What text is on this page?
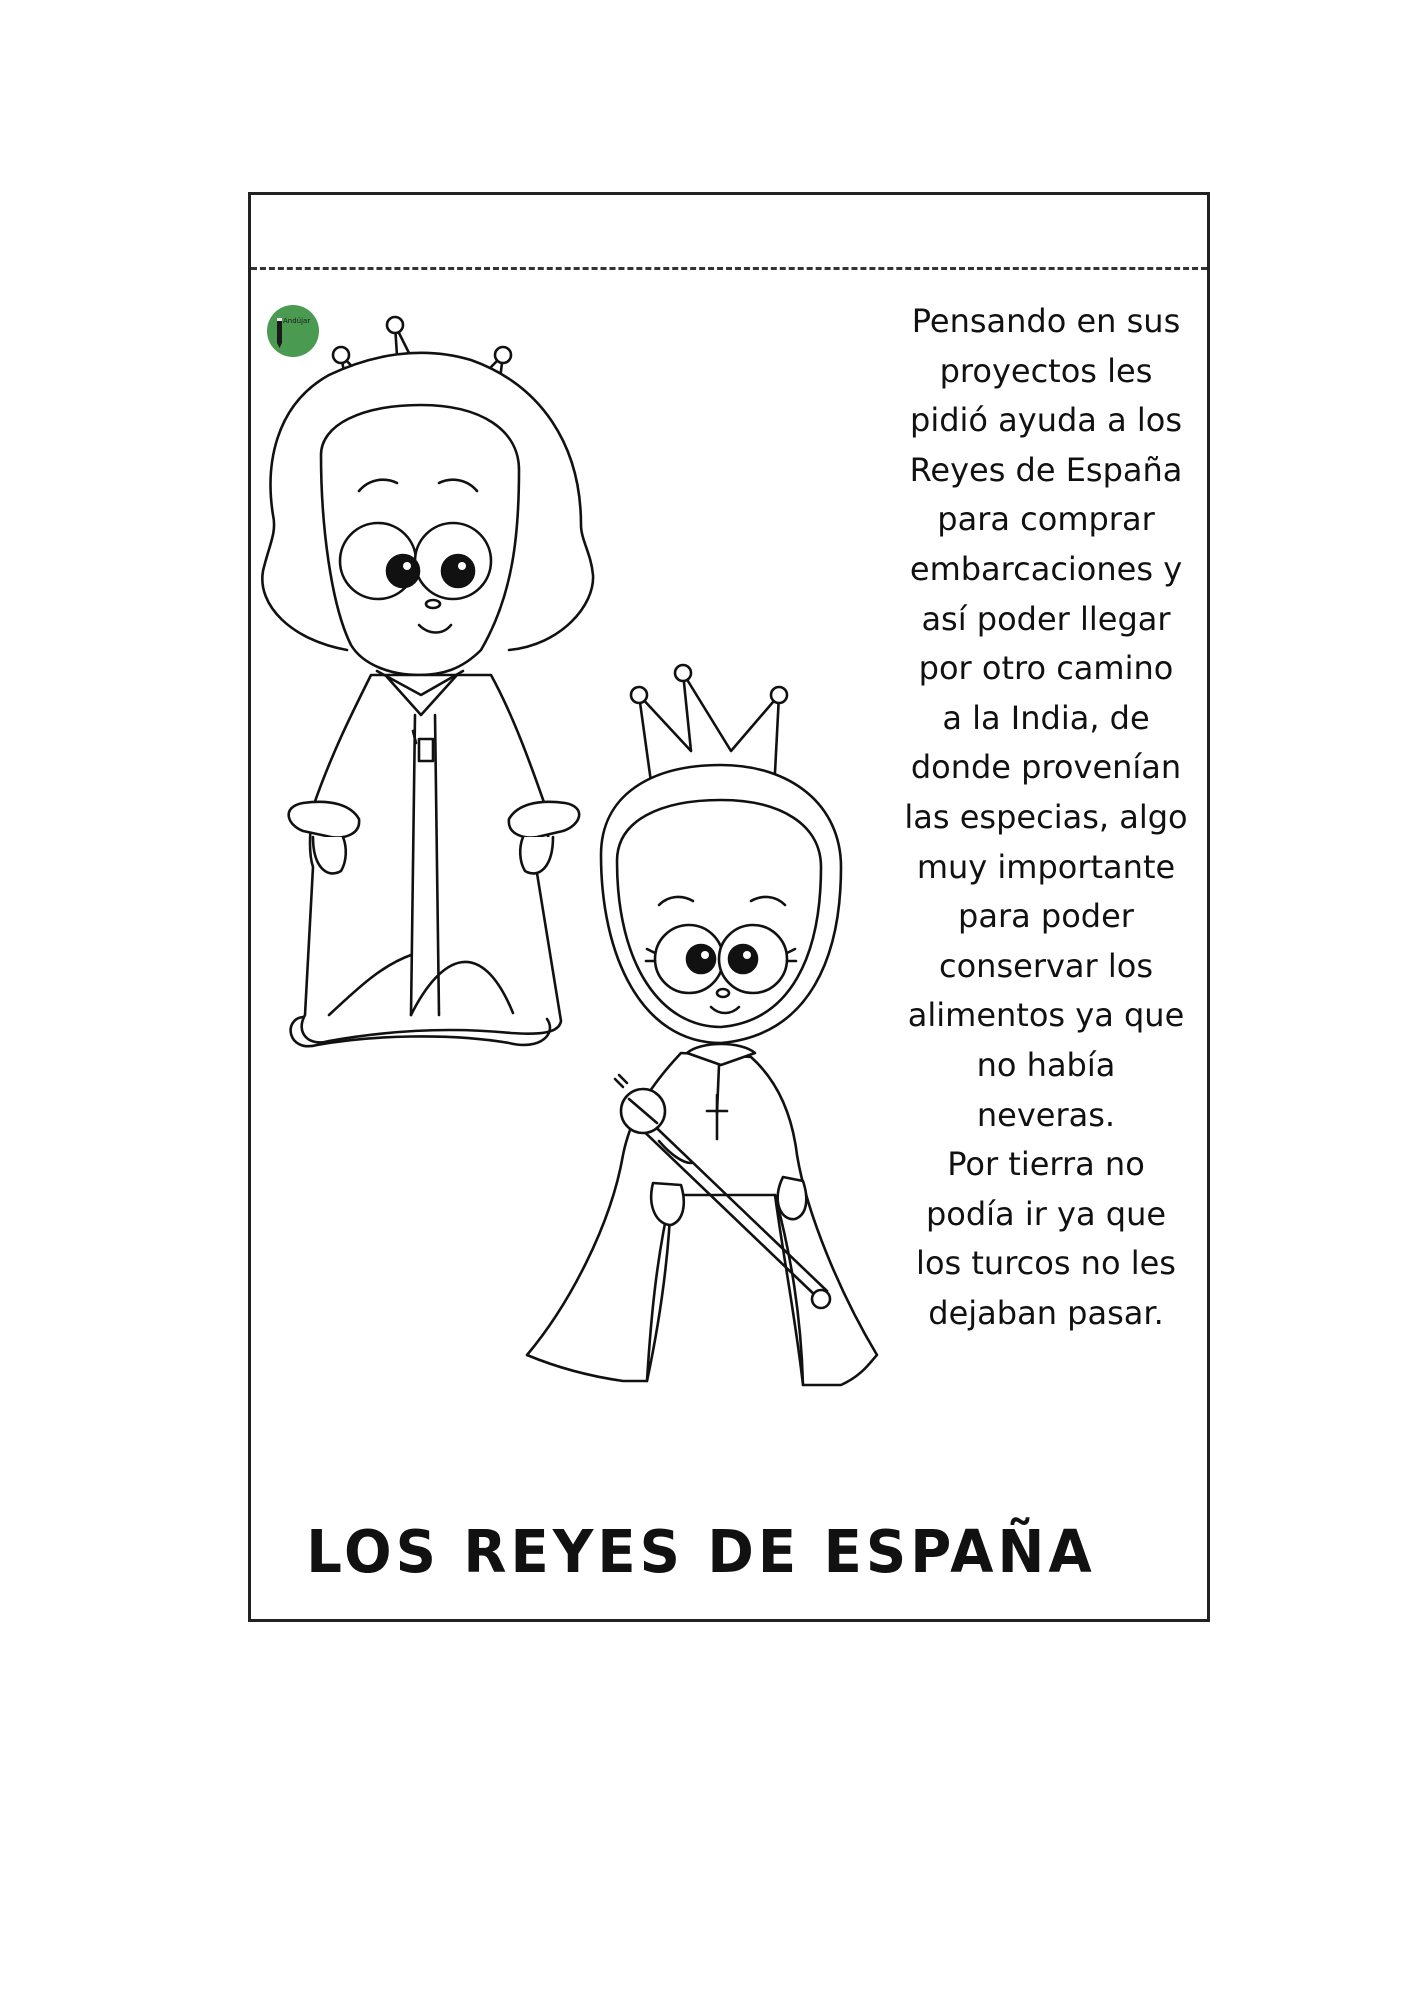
Andújar	Pensando en sus
proyectos les
pidió ayuda a los
Reyes de España
para comprar
embarcaciones y
así poder llegar
por otro camino
a la India, de
donde provenían
las especias, algo
muy importante
para poder
conservar los
alimentos ya que
no había
neveras.
Por tierra no
podía ir ya que
los turcos no les
dejaban pasar.
LOS REYES DE ESPAÑA
